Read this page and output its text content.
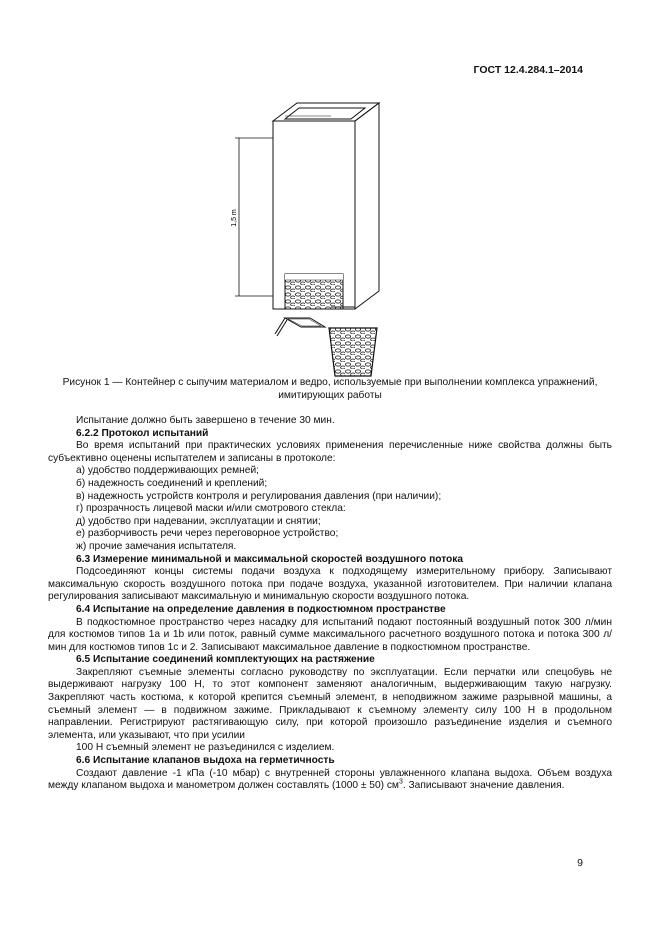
ГОСТ 12.4.284.1–2014
1,5 m
Рисунок 1 — Контейнер с сыпучим материалом и ведро, используемые при выполнении комплекса упражнений, имитирующих работы

Испытание должно быть завершено в течение 30 мин.

6.2.2 Протокол испытаний

Во время испытаний при практических условиях применения перечисленные ниже свойства должны быть субъективно оценены испытателем и записаны в протоколе:

а) удобство поддерживающих ремней;

б) надежность соединений и креплений;

в) надежность устройств контроля и регулирования давления (при наличии);

г) прозрачность лицевой маски и/или смотрового стекла:

д) удобство при надевании, эксплуатации и снятии;

е) разборчивость речи через переговорное устройство;

ж) прочие замечания испытателя.

6.3 Измерение минимальной и максимальной скоростей воздушного потока

Подсоединяют концы системы подачи воздуха к подходящему измерительному прибору. Записывают максимальную скорость воздушного потока при подаче воздуха, указанной изготовителем. При наличии клапана регулирования записывают максимальную и минимальную скорости воздушного потока.

6.4 Испытание на определение давления в подкостюмном пространстве

В подкостюмное пространство через насадку для испытаний подают постоянный воздушный поток 300 л/мин для костюмов типов 1a и 1b или поток, равный сумме максимального расчетного воздушного потока и потока 300 л/мин для костюмов типов 1c и 2. Записывают максимальное давление в подкостюмном пространстве.

6.5 Испытание соединений комплектующих на растяжение

Закрепляют съемные элементы согласно руководству по эксплуатации. Если перчатки или спецобувь не выдерживают нагрузку 100 Н, то этот компонент заменяют аналогичным, выдерживающим такую нагрузку. Закрепляют часть костюма, к которой крепится съемный элемент, в неподвижном зажиме разрывной машины, а съемный элемент — в подвижном зажиме. Прикладывают к съемному элементу силу 100 Н в продольном направлении. Регистрируют растягивающую силу, при которой произошло разъединение изделия и съемного элемента, или указывают, что при усилии

100 Н съемный элемент не разъединился с изделием.

6.6 Испытание клапанов выдоха на герметичность

Создают давление -1 кПа (-10 мбар) с внутренней стороны увлажненного клапана выдоха. Объем воздуха между клапаном выдоха и манометром должен составлять (1000 ± 50) $см^3$. Записывают значение давления.

9
